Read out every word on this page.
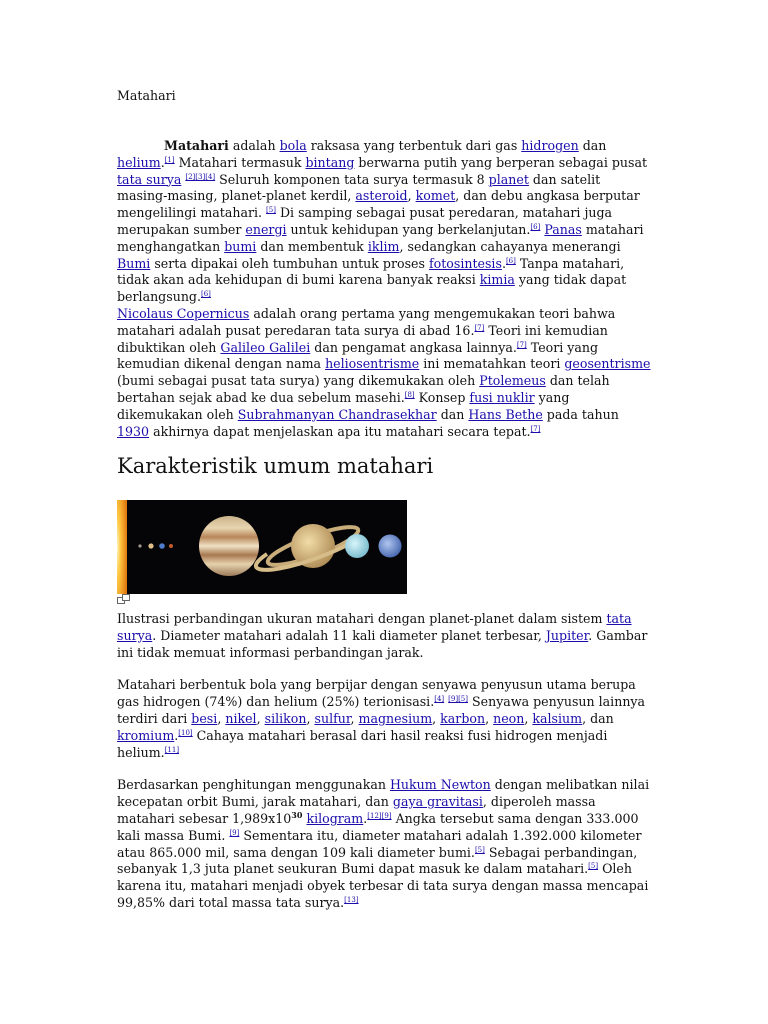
Matahari

Matahari adalah bola raksasa yang terbentuk dari gas hidrogen dan helium.[1] Matahari termasuk bintang berwarna putih yang berperan sebagai pusat tata surya [2][3][4] Seluruh komponen tata surya termasuk 8 planet dan satelit masing-masing, planet-planet kerdil, asteroid, komet, dan debu angkasa berputar mengelilingi matahari. [5] Di samping sebagai pusat peredaran, matahari juga merupakan sumber energi untuk kehidupan yang berkelanjutan.[6] Panas matahari menghangatkan bumi dan membentuk iklim, sedangkan cahayanya menerangi Bumi serta dipakai oleh tumbuhan untuk proses fotosintesis.[6] Tanpa matahari, tidak akan ada kehidupan di bumi karena banyak reaksi kimia yang tidak dapat berlangsung.[6]

Nicolaus Copernicus adalah orang pertama yang mengemukakan teori bahwa matahari adalah pusat peredaran tata surya di abad 16.[7] Teori ini kemudian dibuktikan oleh Galileo Galilei dan pengamat angkasa lainnya.[7] Teori yang kemudian dikenal dengan nama heliosentrisme ini mematahkan teori geosentrisme (bumi sebagai pusat tata surya) yang dikemukakan oleh Ptolemeus dan telah bertahan sejak abad ke dua sebelum masehi.[8] Konsep fusi nuklir yang dikemukakan oleh Subrahmanyan Chandrasekhar dan Hans Bethe pada tahun 1930 akhirnya dapat menjelaskan apa itu matahari secara tepat.[7]

Karakteristik umum matahari

Ilustrasi perbandingan ukuran matahari dengan planet-planet dalam sistem tata surya. Diameter matahari adalah 11 kali diameter planet terbesar, Jupiter. Gambar ini tidak memuat informasi perbandingan jarak.

Matahari berbentuk bola yang berpijar dengan senyawa penyusun utama berupa gas hidrogen (74%) dan helium (25%) terionisasi.[4] [9][5] Senyawa penyusun lainnya terdiri dari besi, nikel, silikon, sulfur, magnesium, karbon, neon, kalsium, dan kromium.[10] Cahaya matahari berasal dari hasil reaksi fusi hidrogen menjadi helium.[11]

Berdasarkan penghitungan menggunakan Hukum Newton dengan melibatkan nilai kecepatan orbit Bumi, jarak matahari, dan gaya gravitasi, diperoleh massa matahari sebesar $1,989x10^{30}$ kilogram.[12][9] Angka tersebut sama dengan 333.000 kali massa Bumi. [9] Sementara itu, diameter matahari adalah 1.392.000 kilometer atau 865.000 mil, sama dengan 109 kali diameter bumi.[5] Sebagai perbandingan, sebanyak 1,3 juta planet seukuran Bumi dapat masuk ke dalam matahari.[5] Oleh karena itu, matahari menjadi obyek terbesar di tata surya dengan massa mencapai 99,85% dari total massa tata surya.[13]
